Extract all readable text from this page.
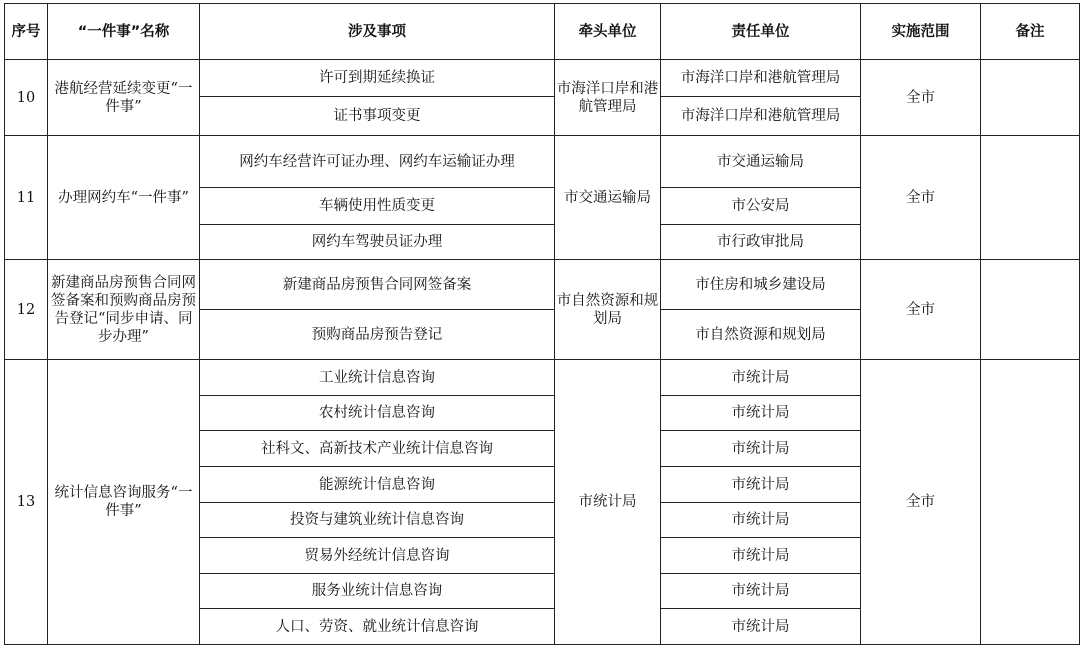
序号	“一件事”名称	涉及事项	牵头单位	责任单位	实施范围	备注
10	港航经营延续变更“一件事”	许可到期延续换证	市海洋口岸和港航管理局	市海洋口岸和港航管理局	全市	
		证书事项变更		市海洋口岸和港航管理局		
11	办理网约车“一件事”	网约车经营许可证办理、网约车运输证办理	市交通运输局	市交通运输局	全市	
		车辆使用性质变更		市公安局		
		网约车驾驶员证办理		市行政审批局		
12	新建商品房预售合同网签备案和预购商品房预告登记“同步申请、同步办理”	新建商品房预售合同网签备案	市自然资源和规划局	市住房和城乡建设局	全市	
		预购商品房预告登记		市自然资源和规划局		
13	统计信息咨询服务“一件事”	工业统计信息咨询	市统计局	市统计局	全市	
		农村统计信息咨询		市统计局		
		社科文、高新技术产业统计信息咨询		市统计局		
		能源统计信息咨询		市统计局		
		投资与建筑业统计信息咨询		市统计局		
		贸易外经统计信息咨询		市统计局		
		服务业统计信息咨询		市统计局		
		人口、劳资、就业统计信息咨询		市统计局		
